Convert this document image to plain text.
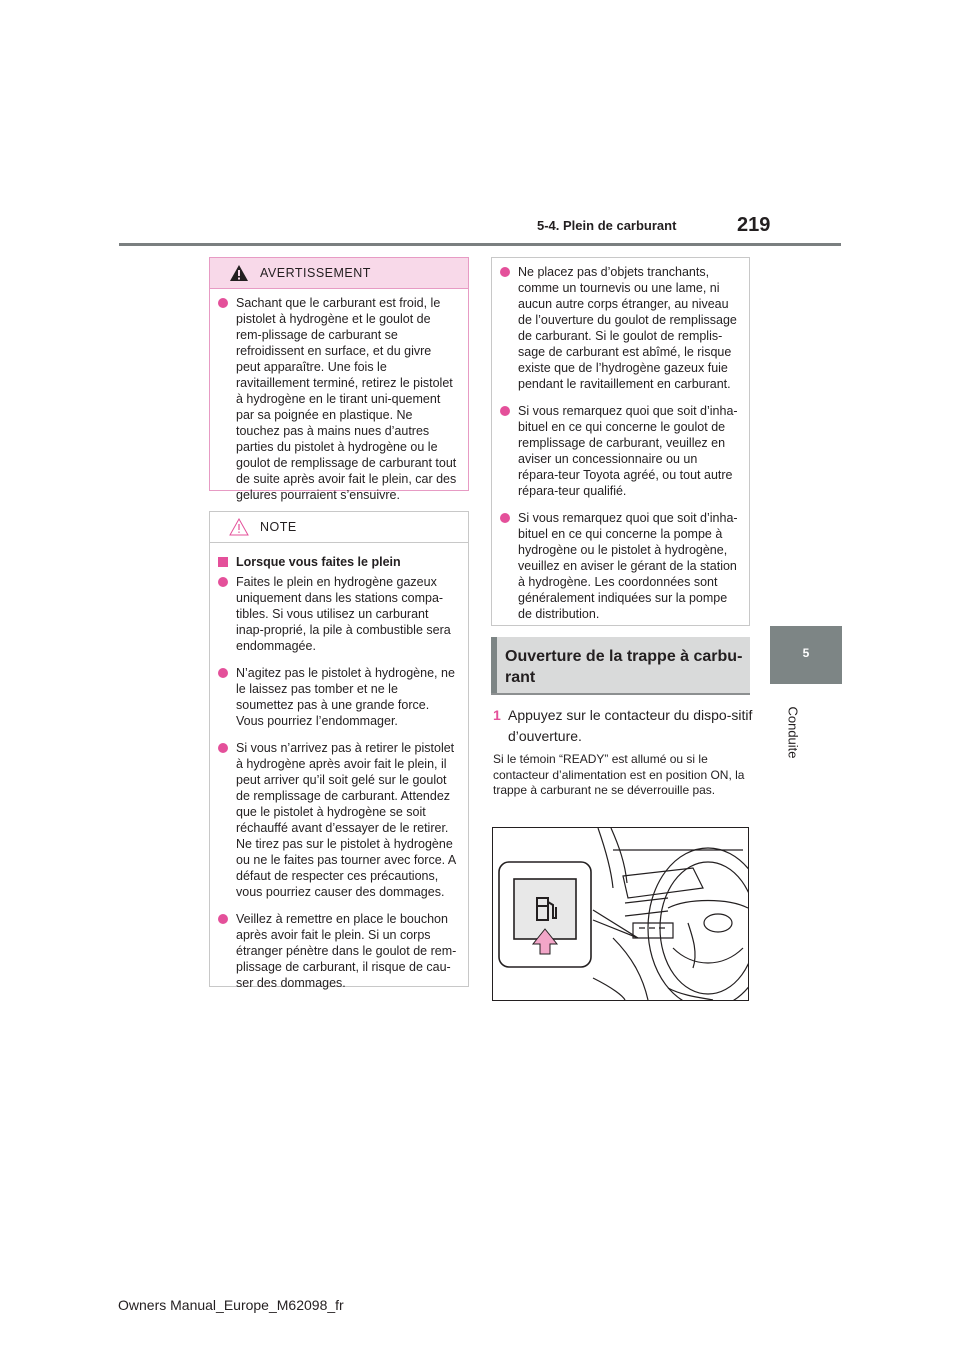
5-4. Plein de carburant	219
5
Conduite
AVERTISSEMENT
Sachant que le carburant est froid, le pistolet à hydrogène et le goulot de rem-plissage de carburant se refroidissent en surface, et du givre peut apparaître. Une fois le ravitaillement terminé, retirez le pistolet à hydrogène en le tirant uni-quement par sa poignée en plastique. Ne touchez pas à mains nues d’autres parties du pistolet à hydrogène ou le goulot de remplissage de carburant tout de suite après avoir fait le plein, car des gelures pourraient s’ensuivre.
NOTE
Lorsque vous faites le plein
Faites le plein en hydrogène gazeux uniquement dans les stations compa-tibles. Si vous utilisez un carburant inap-proprié, la pile à combustible sera endommagée.
N’agitez pas le pistolet à hydrogène, ne le laissez pas tomber et ne le soumettez pas à une grande force. Vous pourriez l’endommager.
Si vous n’arrivez pas à retirer le pistolet à hydrogène après avoir fait le plein, il peut arriver qu’il soit gelé sur le goulot de remplissage de carburant. Attendez que le pistolet à hydrogène se soit réchauffé avant d’essayer de le retirer. Ne tirez pas sur le pistolet à hydrogène ou ne le faites pas tourner avec force. A défaut de respecter ces précautions, vous pourriez causer des dommages.
Veillez à remettre en place le bouchon après avoir fait le plein. Si un corps étranger pénètre dans le goulot de rem-plissage de carburant, il risque de cau-ser des dommages.
Ne placez pas d’objets tranchants, comme un tournevis ou une lame, ni aucun autre corps étranger, au niveau de l’ouverture du goulot de remplissage de carburant. Si le goulot de remplis-sage de carburant est abîmé, le risque existe que de l’hydrogène gazeux fuie pendant le ravitaillement en carburant.
Si vous remarquez quoi que soit d’inha-bituel en ce qui concerne le goulot de remplissage de carburant, veuillez en aviser un concessionnaire ou un répara-teur Toyota agréé, ou tout autre répara-teur qualifié.
Si vous remarquez quoi que soit d’inha-bituel en ce qui concerne la pompe à hydrogène ou le pistolet à hydrogène, veuillez en aviser le gérant de la station à hydrogène. Les coordonnées sont généralement indiquées sur la pompe de distribution.
Ouverture de la trappe à carbu-rant
1 Appuyez sur le contacteur du dispo-sitif d’ouverture.
Si le témoin “READY” est allumé ou si le contacteur d’alimentation est en position ON, la trappe à carburant ne se déverrouille pas.
Owners Manual_Europe_M62098_fr
